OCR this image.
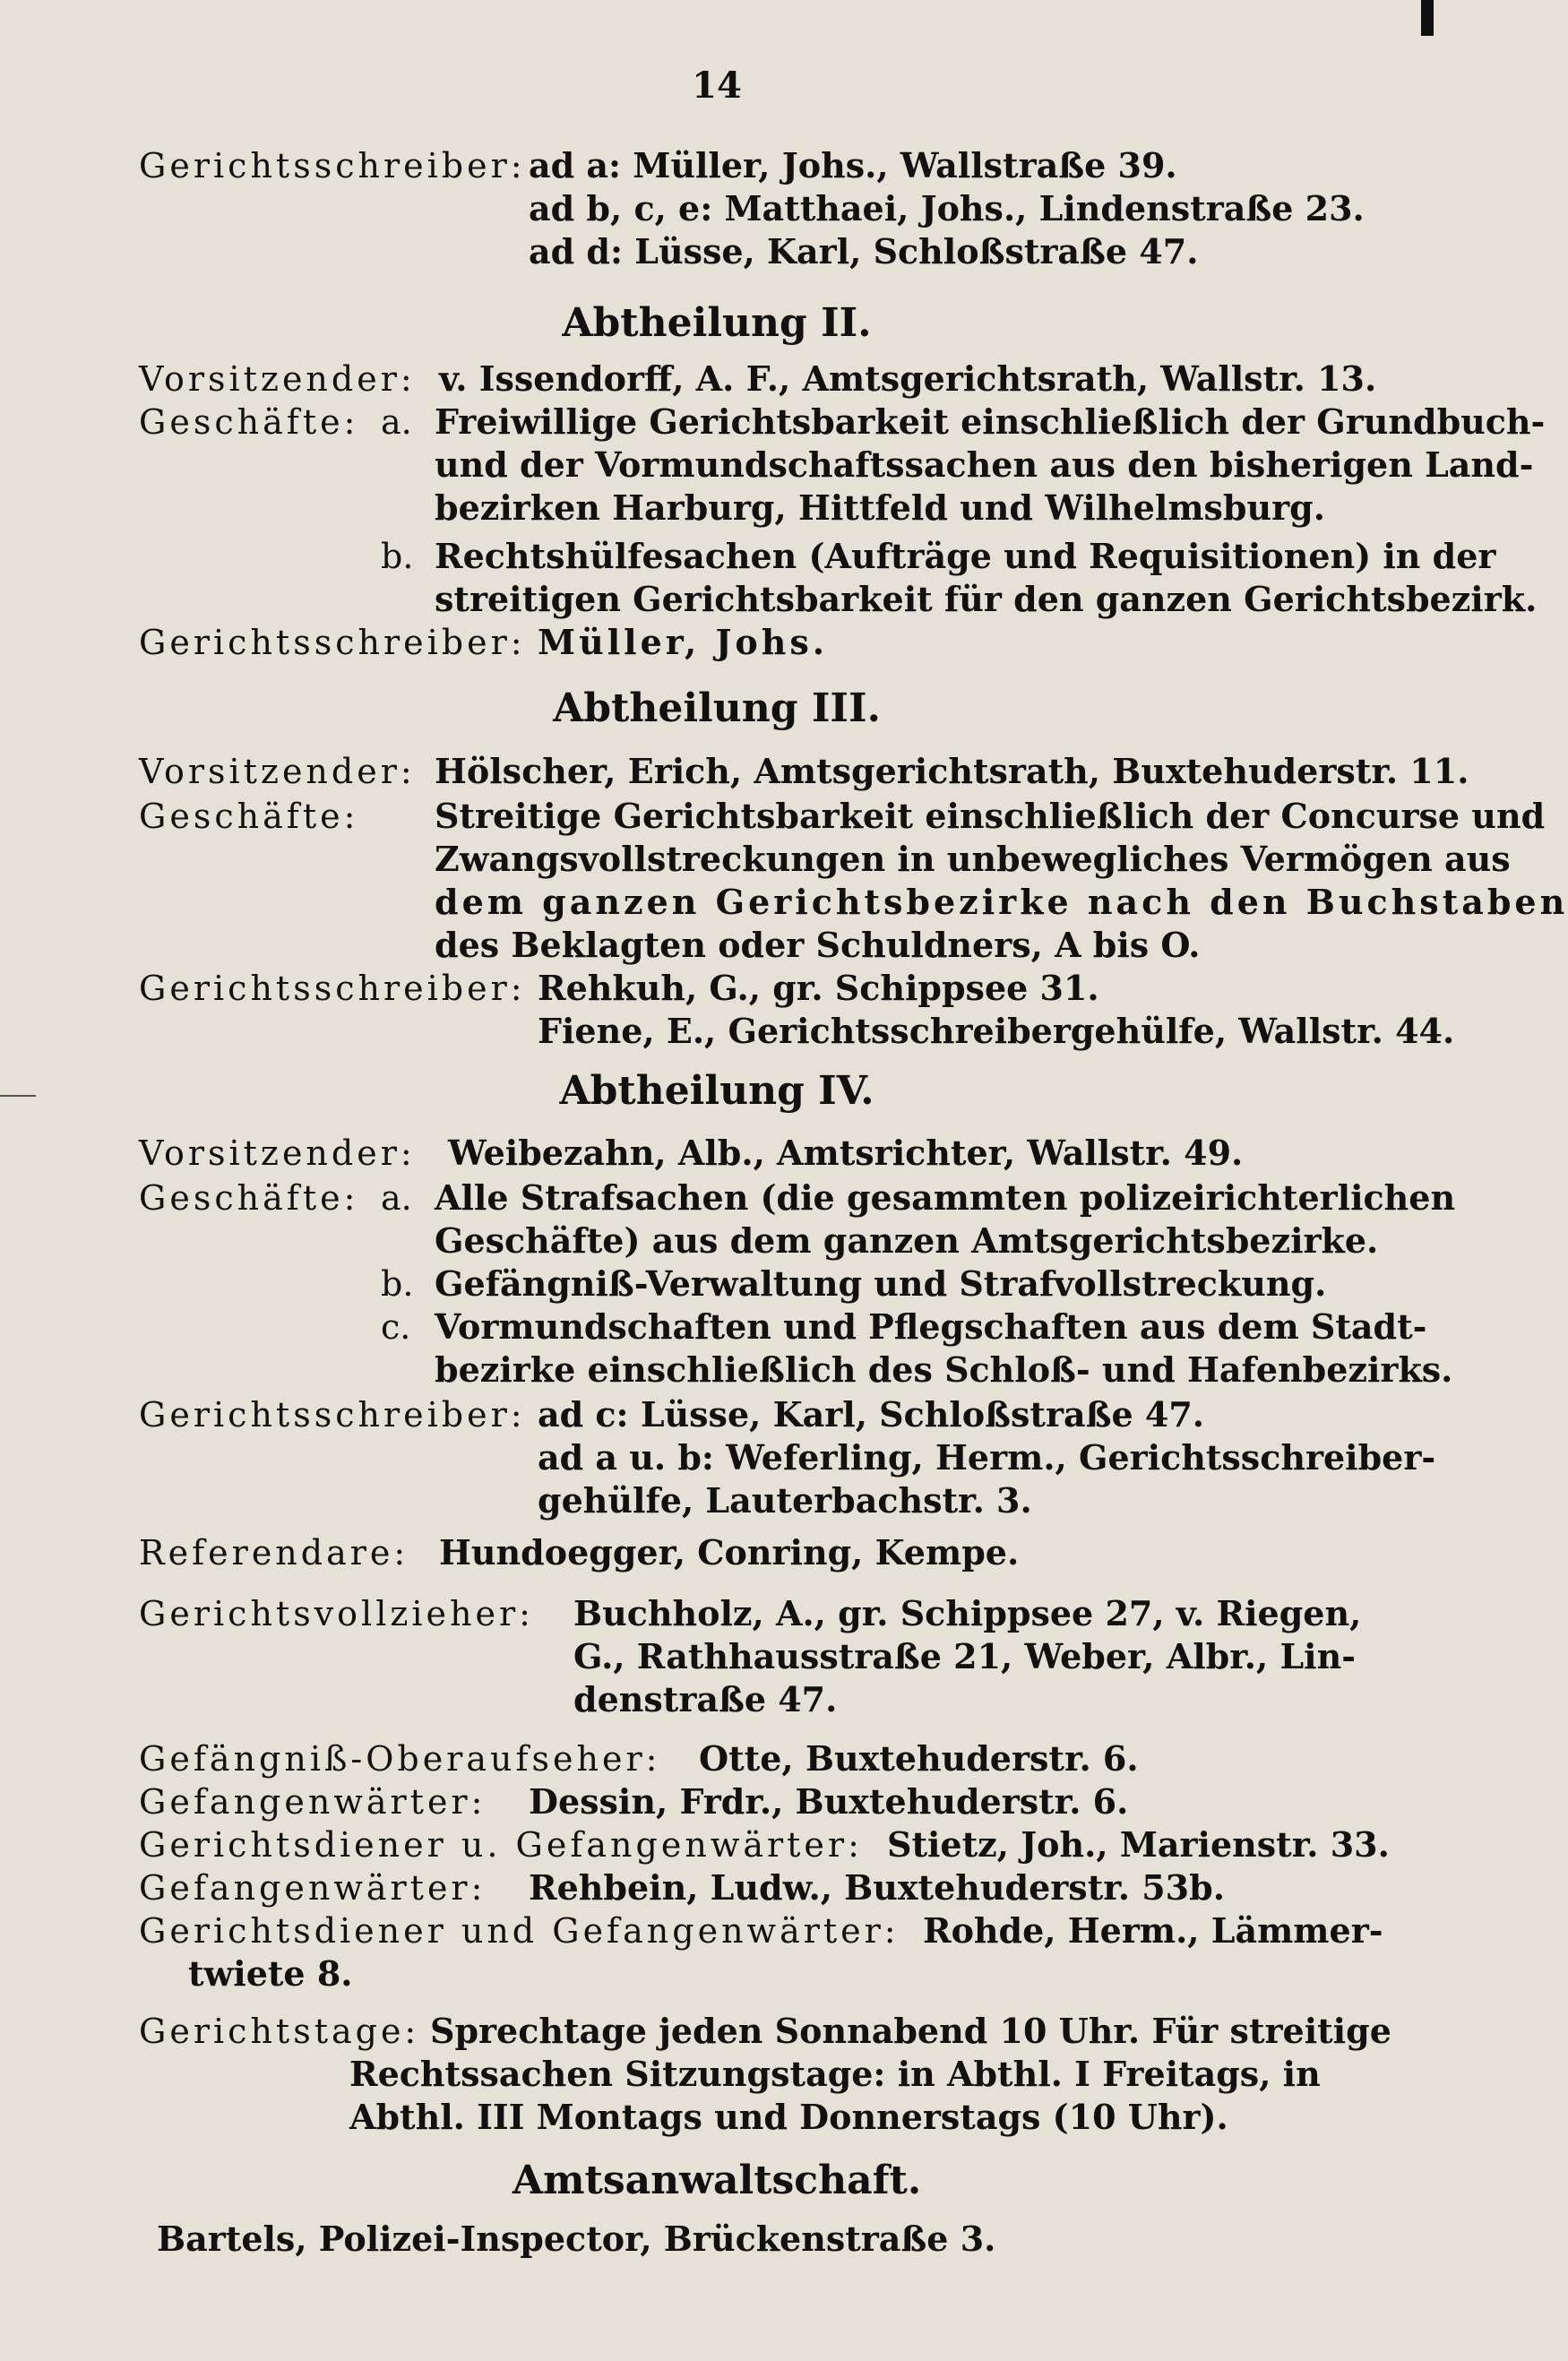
14
Gerichtsschreiber: ad a: Müller, Johs., Wallstraße 39.
ad b, c, e: Matthaei, Johs., Lindenstraße 23.
ad d: Lüsse, Karl, Schloßstraße 47.
Abtheilung II.
Vorsitzender: v. Issendorff, A. F., Amtsgerichtsrath, Wallstr. 13.
Geschäfte: a. Freiwillige Gerichtsbarkeit einschließlich der Grundbuch-
und der Vormundschaftssachen aus den bisherigen Land-
bezirken Harburg, Hittfeld und Wilhelmsburg.
b. Rechtshülfesachen (Aufträge und Requisitionen) in der
streitigen Gerichtsbarkeit für den ganzen Gerichtsbezirk.
Gerichtsschreiber: Müller, Johs.
Abtheilung III.
Vorsitzender: Hölscher, Erich, Amtsgerichtsrath, Buxtehuderstr. 11.
Geschäfte: Streitige Gerichtsbarkeit einschließlich der Concurse und
Zwangsvollstreckungen in unbewegliches Vermögen aus
dem ganzen Gerichtsbezirke nach den Buchstaben
des Beklagten oder Schuldners, A bis O.
Gerichtsschreiber: Rehkuh, G., gr. Schippsee 31.
Fiene, E., Gerichtsschreibergehülfe, Wallstr. 44.
Abtheilung IV.
Vorsitzender: Weibezahn, Alb., Amtsrichter, Wallstr. 49.
Geschäfte: a. Alle Strafsachen (die gesammten polizeirichterlichen
Geschäfte) aus dem ganzen Amtsgerichtsbezirke.
b. Gefängniß-Verwaltung und Strafvollstreckung.
c. Vormundschaften und Pflegschaften aus dem Stadt-
bezirke einschließlich des Schloß- und Hafenbezirks.
Gerichtsschreiber: ad c: Lüsse, Karl, Schloßstraße 47.
ad a u. b: Weferling, Herm., Gerichtsschreiber-
gehülfe, Lauterbachstr. 3.
Referendare: Hundoegger, Conring, Kempe.
Gerichtsvollzieher: Buchholz, A., gr. Schippsee 27, v. Riegen,
G., Rathhausstraße 21, Weber, Albr., Lin-
denstraße 47.
Gefängniß-Oberaufseher: Otte, Buxtehuderstr. 6.
Gefangenwärter: Dessin, Frdr., Buxtehuderstr. 6.
Gerichtsdiener u. Gefangenwärter: Stietz, Joh., Marienstr. 33.
Gefangenwärter: Rehbein, Ludw., Buxtehuderstr. 53b.
Gerichtsdiener und Gefangenwärter: Rohde, Herm., Lämmer-
twiete 8.
Gerichtstage: Sprechtage jeden Sonnabend 10 Uhr. Für streitige
Rechtssachen Sitzungstage: in Abthl. I Freitags, in
Abthl. III Montags und Donnerstags (10 Uhr).
Amtsanwaltschaft.
Bartels, Polizei-Inspector, Brückenstraße 3.
